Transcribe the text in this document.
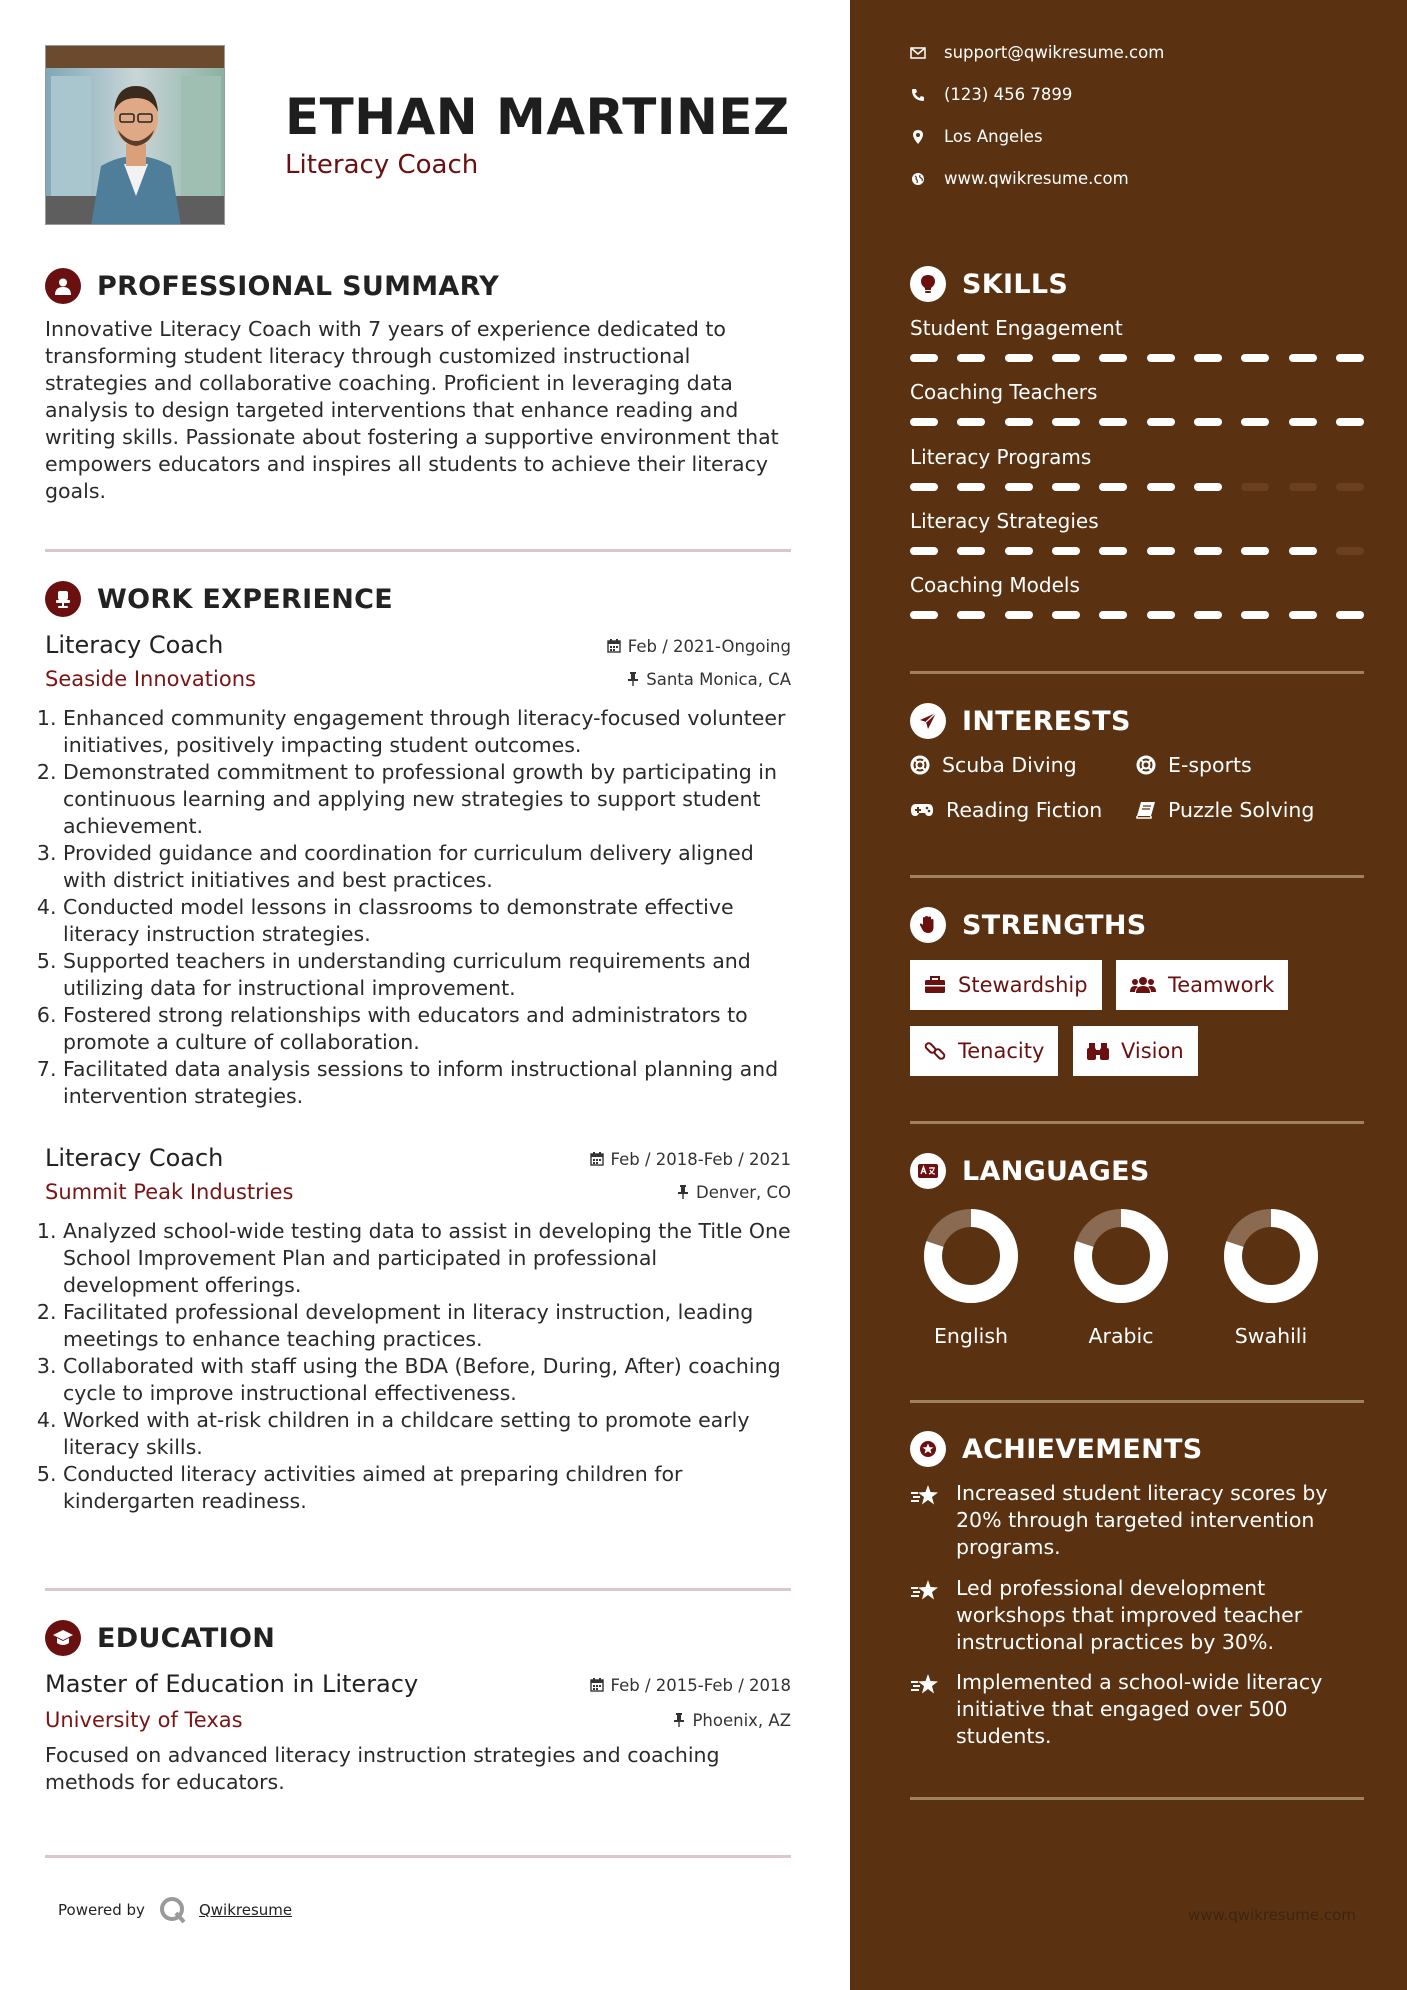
ETHAN MARTINEZ
Literacy Coach
PROFESSIONAL SUMMARY
Innovative Literacy Coach with 7 years of experience dedicated to transforming student literacy through customized instructional strategies and collaborative coaching. Proficient in leveraging data analysis to design targeted interventions that enhance reading and writing skills. Passionate about fostering a supportive environment that empowers educators and inspires all students to achieve their literacy goals.
WORK EXPERIENCE
Literacy Coach	Feb / 2021-Ongoing
Seaside Innovations	Santa Monica, CA
1. Enhanced community engagement through literacy-focused volunteer initiatives, positively impacting student outcomes.
2. Demonstrated commitment to professional growth by participating in continuous learning and applying new strategies to support student achievement.
3. Provided guidance and coordination for curriculum delivery aligned with district initiatives and best practices.
4. Conducted model lessons in classrooms to demonstrate effective literacy instruction strategies.
5. Supported teachers in understanding curriculum requirements and utilizing data for instructional improvement.
6. Fostered strong relationships with educators and administrators to promote a culture of collaboration.
7. Facilitated data analysis sessions to inform instructional planning and intervention strategies.
Literacy Coach	Feb / 2018-Feb / 2021
Summit Peak Industries	Denver, CO
1. Analyzed school-wide testing data to assist in developing the Title One School Improvement Plan and participated in professional development offerings.
2. Facilitated professional development in literacy instruction, leading meetings to enhance teaching practices.
3. Collaborated with staff using the BDA (Before, During, After) coaching cycle to improve instructional effectiveness.
4. Worked with at-risk children in a childcare setting to promote early literacy skills.
5. Conducted literacy activities aimed at preparing children for kindergarten readiness.
EDUCATION
Master of Education in Literacy	Feb / 2015-Feb / 2018
University of Texas	Phoenix, AZ
Focused on advanced literacy instruction strategies and coaching methods for educators.
Powered by	Qwikresume
support@qwikresume.com
(123) 456 7899
Los Angeles
www.qwikresume.com
SKILLS
Student Engagement
Coaching Teachers
Literacy Programs
Literacy Strategies
Coaching Models
INTERESTS
Scuba Diving	E-sports
Reading Fiction	Puzzle Solving
STRENGTHS
Stewardship	Teamwork
Tenacity	Vision
LANGUAGES
English	Arabic	Swahili
ACHIEVEMENTS
Increased student literacy scores by 20% through targeted intervention programs.
Led professional development workshops that improved teacher instructional practices by 30%.
Implemented a school-wide literacy initiative that engaged over 500 students.
www.qwikresume.com
